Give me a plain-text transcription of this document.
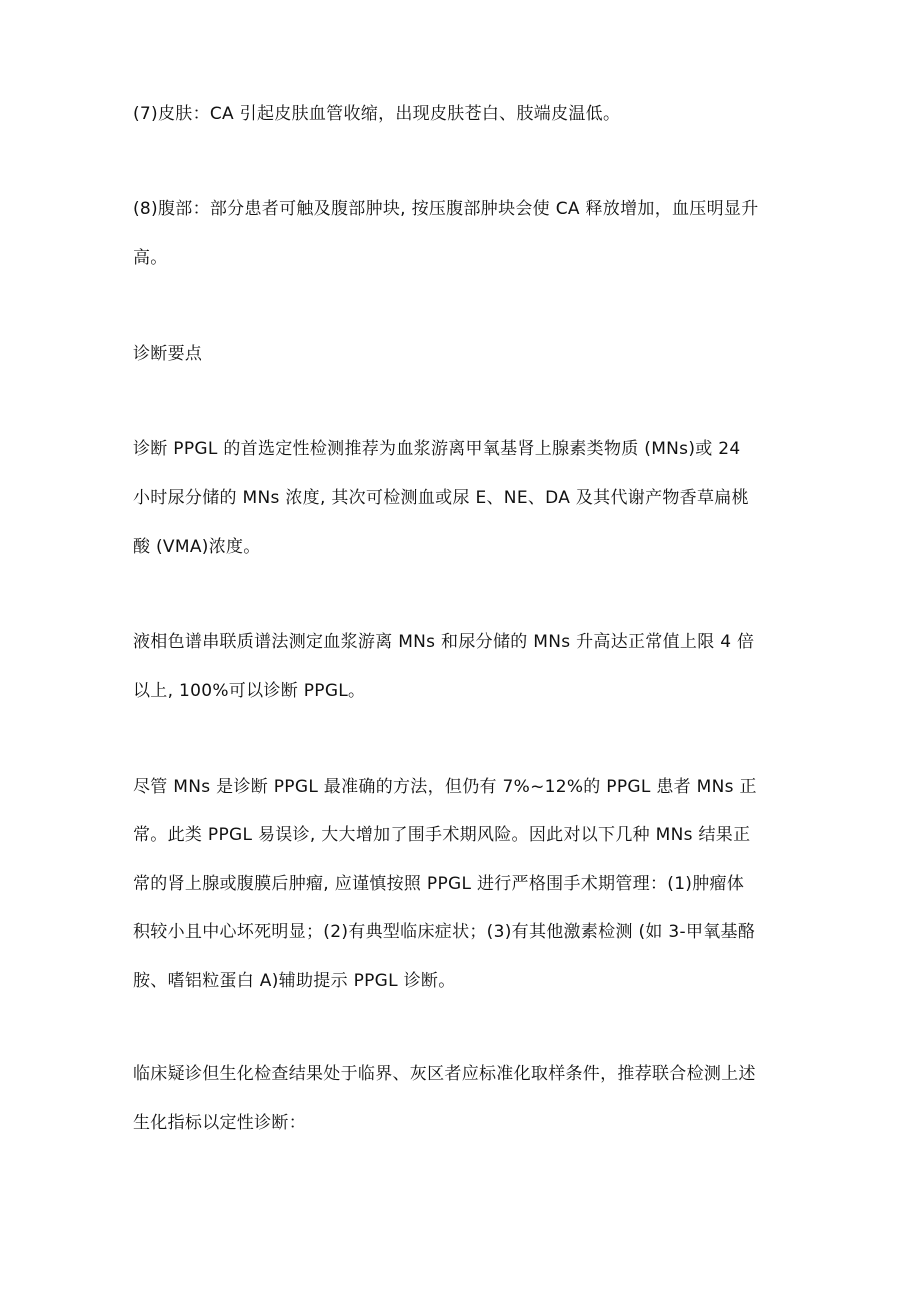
(7)皮肤：CA 引起皮肤血管收缩，出现皮肤苍白、肢端皮温低。
(8)腹部：部分患者可触及腹部肿块, 按压腹部肿块会使 CA 释放增加，血压明显升
高。
诊断要点
诊断 PPGL 的首选定性检测推荐为血浆游离甲氧基肾上腺素类物质 (MNs)或 24
小时尿分储的 MNs 浓度, 其次可检测血或尿 E、NE、DA 及其代谢产物香草扁桃
酸 (VMA)浓度。
液相色谱串联质谱法测定血浆游离 MNs 和尿分储的 MNs 升高达正常值上限 4 倍
以上, 100%可以诊断 PPGL。
尽管 MNs 是诊断 PPGL 最准确的方法，但仍有 7%~12%的 PPGL 患者 MNs 正
常。此类 PPGL 易误诊, 大大增加了围手术期风险。因此对以下几种 MNs 结果正
常的肾上腺或腹膜后肿瘤, 应谨慎按照 PPGL 进行严格围手术期管理：(1)肿瘤体
积较小且中心坏死明显；(2)有典型临床症状；(3)有其他激素检测 (如 3-甲氧基酪
胺、嗜铝粒蛋白 A)辅助提示 PPGL 诊断。
临床疑诊但生化检查结果处于临界、灰区者应标准化取样条件，推荐联合检测上述
生化指标以定性诊断：
